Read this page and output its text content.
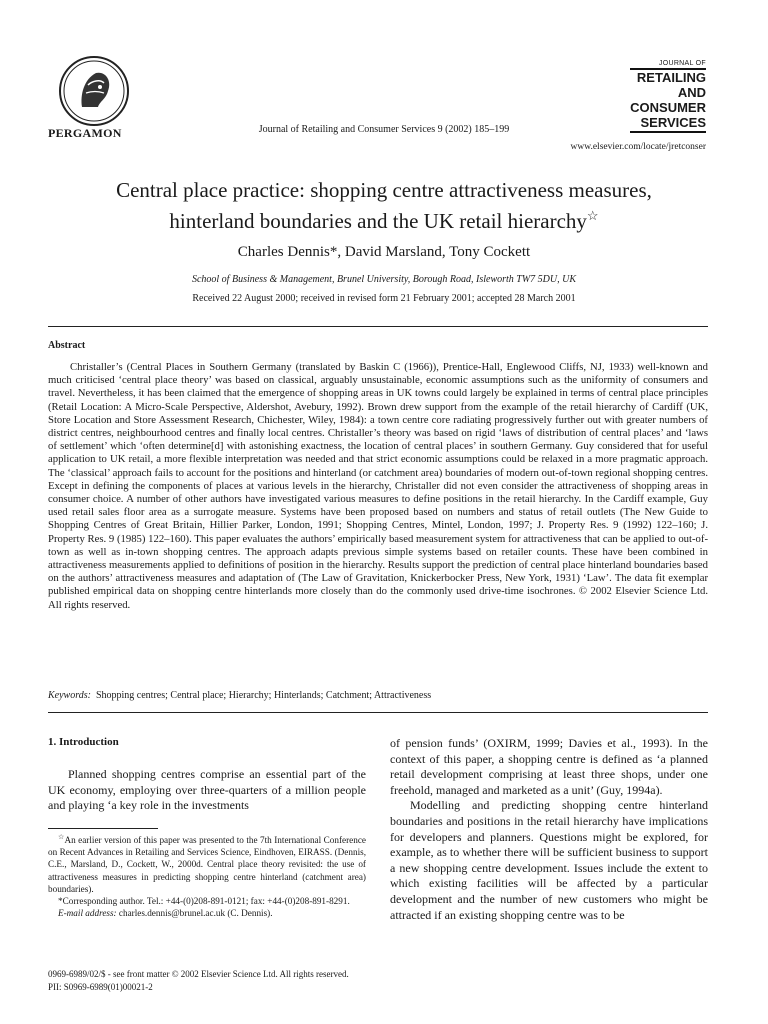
PERGAMON	Journal of Retailing and Consumer Services 9 (2002) 185–199
JOURNAL OF
RETAILING
AND
CONSUMER
SERVICES
www.elsevier.com/locate/jretconser
Central place practice: shopping centre attractiveness measures,
hinterland boundaries and the UK retail hierarchy☆
Charles Dennis*, David Marsland, Tony Cockett
School of Business & Management, Brunel University, Borough Road, Isleworth TW7 5DU, UK
Received 22 August 2000; received in revised form 21 February 2001; accepted 28 March 2001
Abstract

Christaller’s (Central Places in Southern Germany (translated by Baskin C (1966)), Prentice-Hall, Englewood Cliffs, NJ, 1933) well-known and much criticised ‘central place theory’ was based on classical, arguably unsustainable, economic assumptions such as the uniformity of consumers and travel. Nevertheless, it has been claimed that the emergence of shopping areas in UK towns could largely be explained in terms of central place principles (Retail Location: A Micro-Scale Perspective, Aldershot, Avebury, 1992). Brown drew support from the example of the retail hierarchy of Cardiff (UK, Store Location and Store Assessment Research, Chichester, Wiley, 1984): a town centre core radiating progressively further out with greater numbers of district centres, neighbourhood centres and finally local centres. Christaller’s theory was based on rigid ‘laws of distribution of central places’ and ‘laws of settlement’ which ‘often determine[d] with astonishing exactness, the location of central places’ in southern Germany. Guy considered that for useful application to UK retail, a more flexible interpretation was needed and that strict economic assumptions could be relaxed in a more pragmatic approach. The ‘classical’ approach fails to account for the positions and hinterland (or catchment area) boundaries of modern out-of-town regional shopping centres. Except in defining the components of places at various levels in the hierarchy, Christaller did not even consider the attractiveness of shopping areas in consumer choice. A number of other authors have investigated various measures to define positions in the retail hierarchy. In the Cardiff example, Guy used retail sales floor area as a surrogate measure. Systems have been proposed based on numbers and status of retail outlets (The New Guide to Shopping Centres of Great Britain, Hillier Parker, London, 1991; Shopping Centres, Mintel, London, 1997; J. Property Res. 9 (1992) 122–160; J. Property Res. 9 (1985) 122–160). This paper evaluates the authors’ empirically based measurement system for attractiveness that can be applied to out-of-town as well as in-town shopping centres. The approach adapts previous simple systems based on retailer counts. These have been combined in attractiveness measurements applied to definitions of position in the hierarchy. Results support the prediction of central place hinterland boundaries based on the authors’ attractiveness measures and adaptation of (The Law of Gravitation, Knickerbocker Press, New York, 1931) ‘Law’. The data fit exemplar published empirical data on shopping centre hinterlands more closely than do the commonly used drive-time isochrones. © 2002 Elsevier Science Ltd. All rights reserved.

Keywords: Shopping centres; Central place; Hierarchy; Hinterlands; Catchment; Attractiveness
1. Introduction

Planned shopping centres comprise an essential part of the UK economy, employing over three-quarters of a million people and playing ‘a key role in the investments

☆An earlier version of this paper was presented to the 7th International Conference on Recent Advances in Retailing and Services Science, Eindhoven, EIRASS. (Dennis, C.E., Marsland, D., Cockett, W., 2000d. Central place theory revisited: the use of attractiveness measures in predicting shopping centre hinterland (catchment area) boundaries).

*Corresponding author. Tel.: +44-(0)208-891-0121; fax: +44-(0)208-891-8291.

E-mail address: charles.dennis@brunel.ac.uk (C. Dennis).

of pension funds’ (OXIRM, 1999; Davies et al., 1993). In the context of this paper, a shopping centre is defined as ‘a planned retail development comprising at least three shops, under one freehold, managed and marketed as a unit’ (Guy, 1994a).

Modelling and predicting shopping centre hinterland boundaries and positions in the retail hierarchy have implications for developers and planners. Questions might be explored, for example, as to whether there will be sufficient business to support a new shopping centre development. Issues include the extent to which existing facilities will be affected by a particular development and the number of new customers who might be attracted if an existing shopping centre was to be

0969-6989/02/$ - see front matter © 2002 Elsevier Science Ltd. All rights reserved.
PII: S0969-6989(01)00021-2
